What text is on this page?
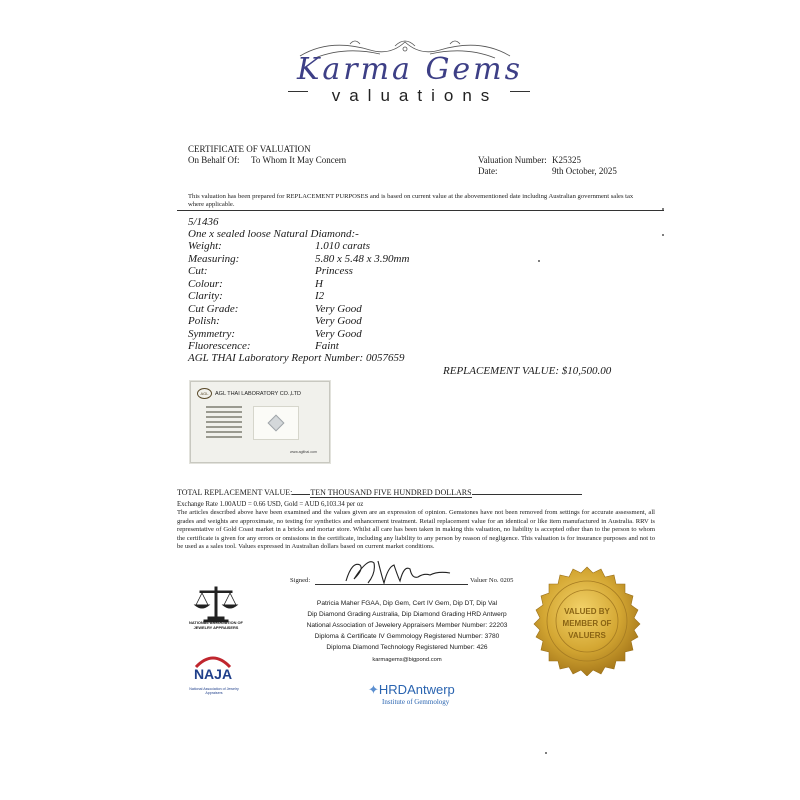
Karma Gems
valuations
CERTIFICATE OF VALUATION
On Behalf Of: To Whom It May Concern	Valuation Number: K25325
Date:	9th October, 2025
This valuation has been prepared for REPLACEMENT PURPOSES and is based on current value at the abovementioned date including Australian government sales tax where applicable.
5/1436
One x sealed loose Natural Diamond:-
Weight:	1.010 carats
Measuring:	5.80 x 5.48 x 3.90mm
Cut:	Princess
Colour:	H
Clarity:	I2
Cut Grade:	Very Good
Polish:	Very Good
Symmetry:	Very Good
Fluorescence:	Faint
AGL THAI Laboratory Report Number: 0057659
REPLACEMENT VALUE: $10,500.00
AGL	AGL THAI LABORATORY CO.,LTD
www.aglthai.com
TOTAL REPLACEMENT VALUE: TEN THOUSAND FIVE HUNDRED DOLLARS
Exchange Rate 1.00AUD = 0.66 USD, Gold = AUD 6,103.34 per oz
The articles described above have been examined and the values given are an expression of opinion. Gemstones have not been removed from settings for accurate assessment, all grades and weights are approximate, no testing for synthetics and enhancement treatment. Retail replacement value for an identical or like item manufactured in Australia. RRV is representative of Gold Coast market in a bricks and mortar store. Whilst all care has been taken in making this valuation, no liability is accepted other than to the person to whom the certificate is given for any errors or omissions in the certificate, including any liability to any person by reason of negligence. This valuation is for insurance purposes and not to be used as a sales tool. Values expressed in Australian dollars based on current market conditions.
Signed:	Valuer No. 0205
Patricia Maher FGAA, Dip Gem, Cert IV Gem, Dip DT, Dip Val
Dip Diamond Grading Australia, Dip Diamond Grading HRD Antwerp
National Association of Jewelery Appraisers Member Number: 22203
Diploma & Certificate IV Gemmology Registered Number: 3780
Diploma Diamond Technology Registered Number: 426
karmagems@bigpond.com
NATIONAL ASSOCIATION OF JEWELRY APPRAISERS
NAJA
National Association of Jewelry Appraisers	✦HRDAntwerp
Institute of Gemmology
VALUED BY
MEMBER OF
VALUERS
